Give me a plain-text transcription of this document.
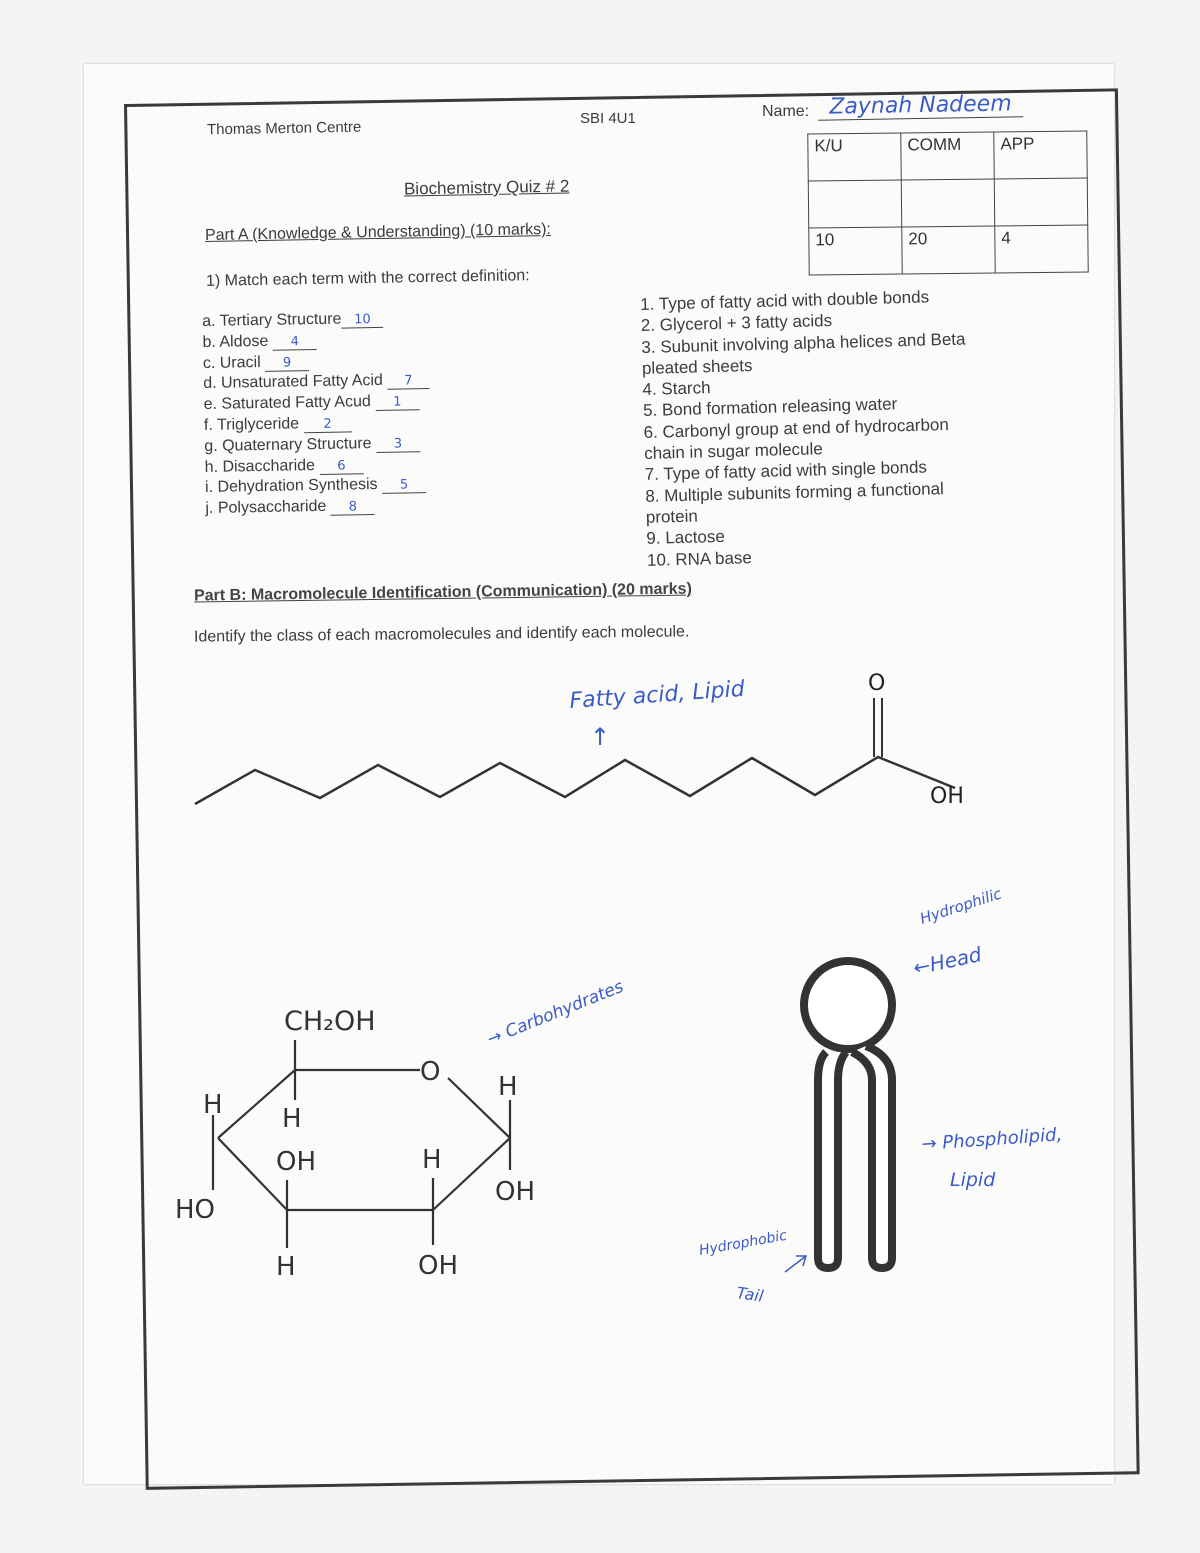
Thomas Merton Centre
SBI 4U1	Name: Zaynah Nadeem
K/U	COMM	APP

10	20	4
Biochemistry Quiz # 2
Part A (Knowledge & Understanding) (10 marks):
1) Match each term with the correct definition:
a. Tertiary Structure 10
b. Aldose 4
c. Uracil 9
d. Unsaturated Fatty Acid 7
e. Saturated Fatty Acud 1
f. Triglyceride 2
g. Quaternary Structure 3
h. Disaccharide 6
i. Dehydration Synthesis 5
j. Polysaccharide 8
1. Type of fatty acid with double bonds
2. Glycerol + 3 fatty acids
3. Subunit involving alpha helices and Beta
pleated sheets
4. Starch
5. Bond formation releasing water
6. Carbonyl group at end of hydrocarbon
chain in sugar molecule
7. Type of fatty acid with single bonds
8. Multiple subunits forming a functional
protein
9. Lactose
10. RNA base
Part B: Macromolecule Identification (Communication) (20 marks)
Identify the class of each macromolecules and identify each molecule.
O
OH
Fatty acid, Lipid
↑
CH₂OH
O H
H H
OH	H
OH
HO
H	OH
→ Carbohydrates
Hydrophilic
←Head
→ Phospholipid,
Lipid
Hydrophobic
Tail
